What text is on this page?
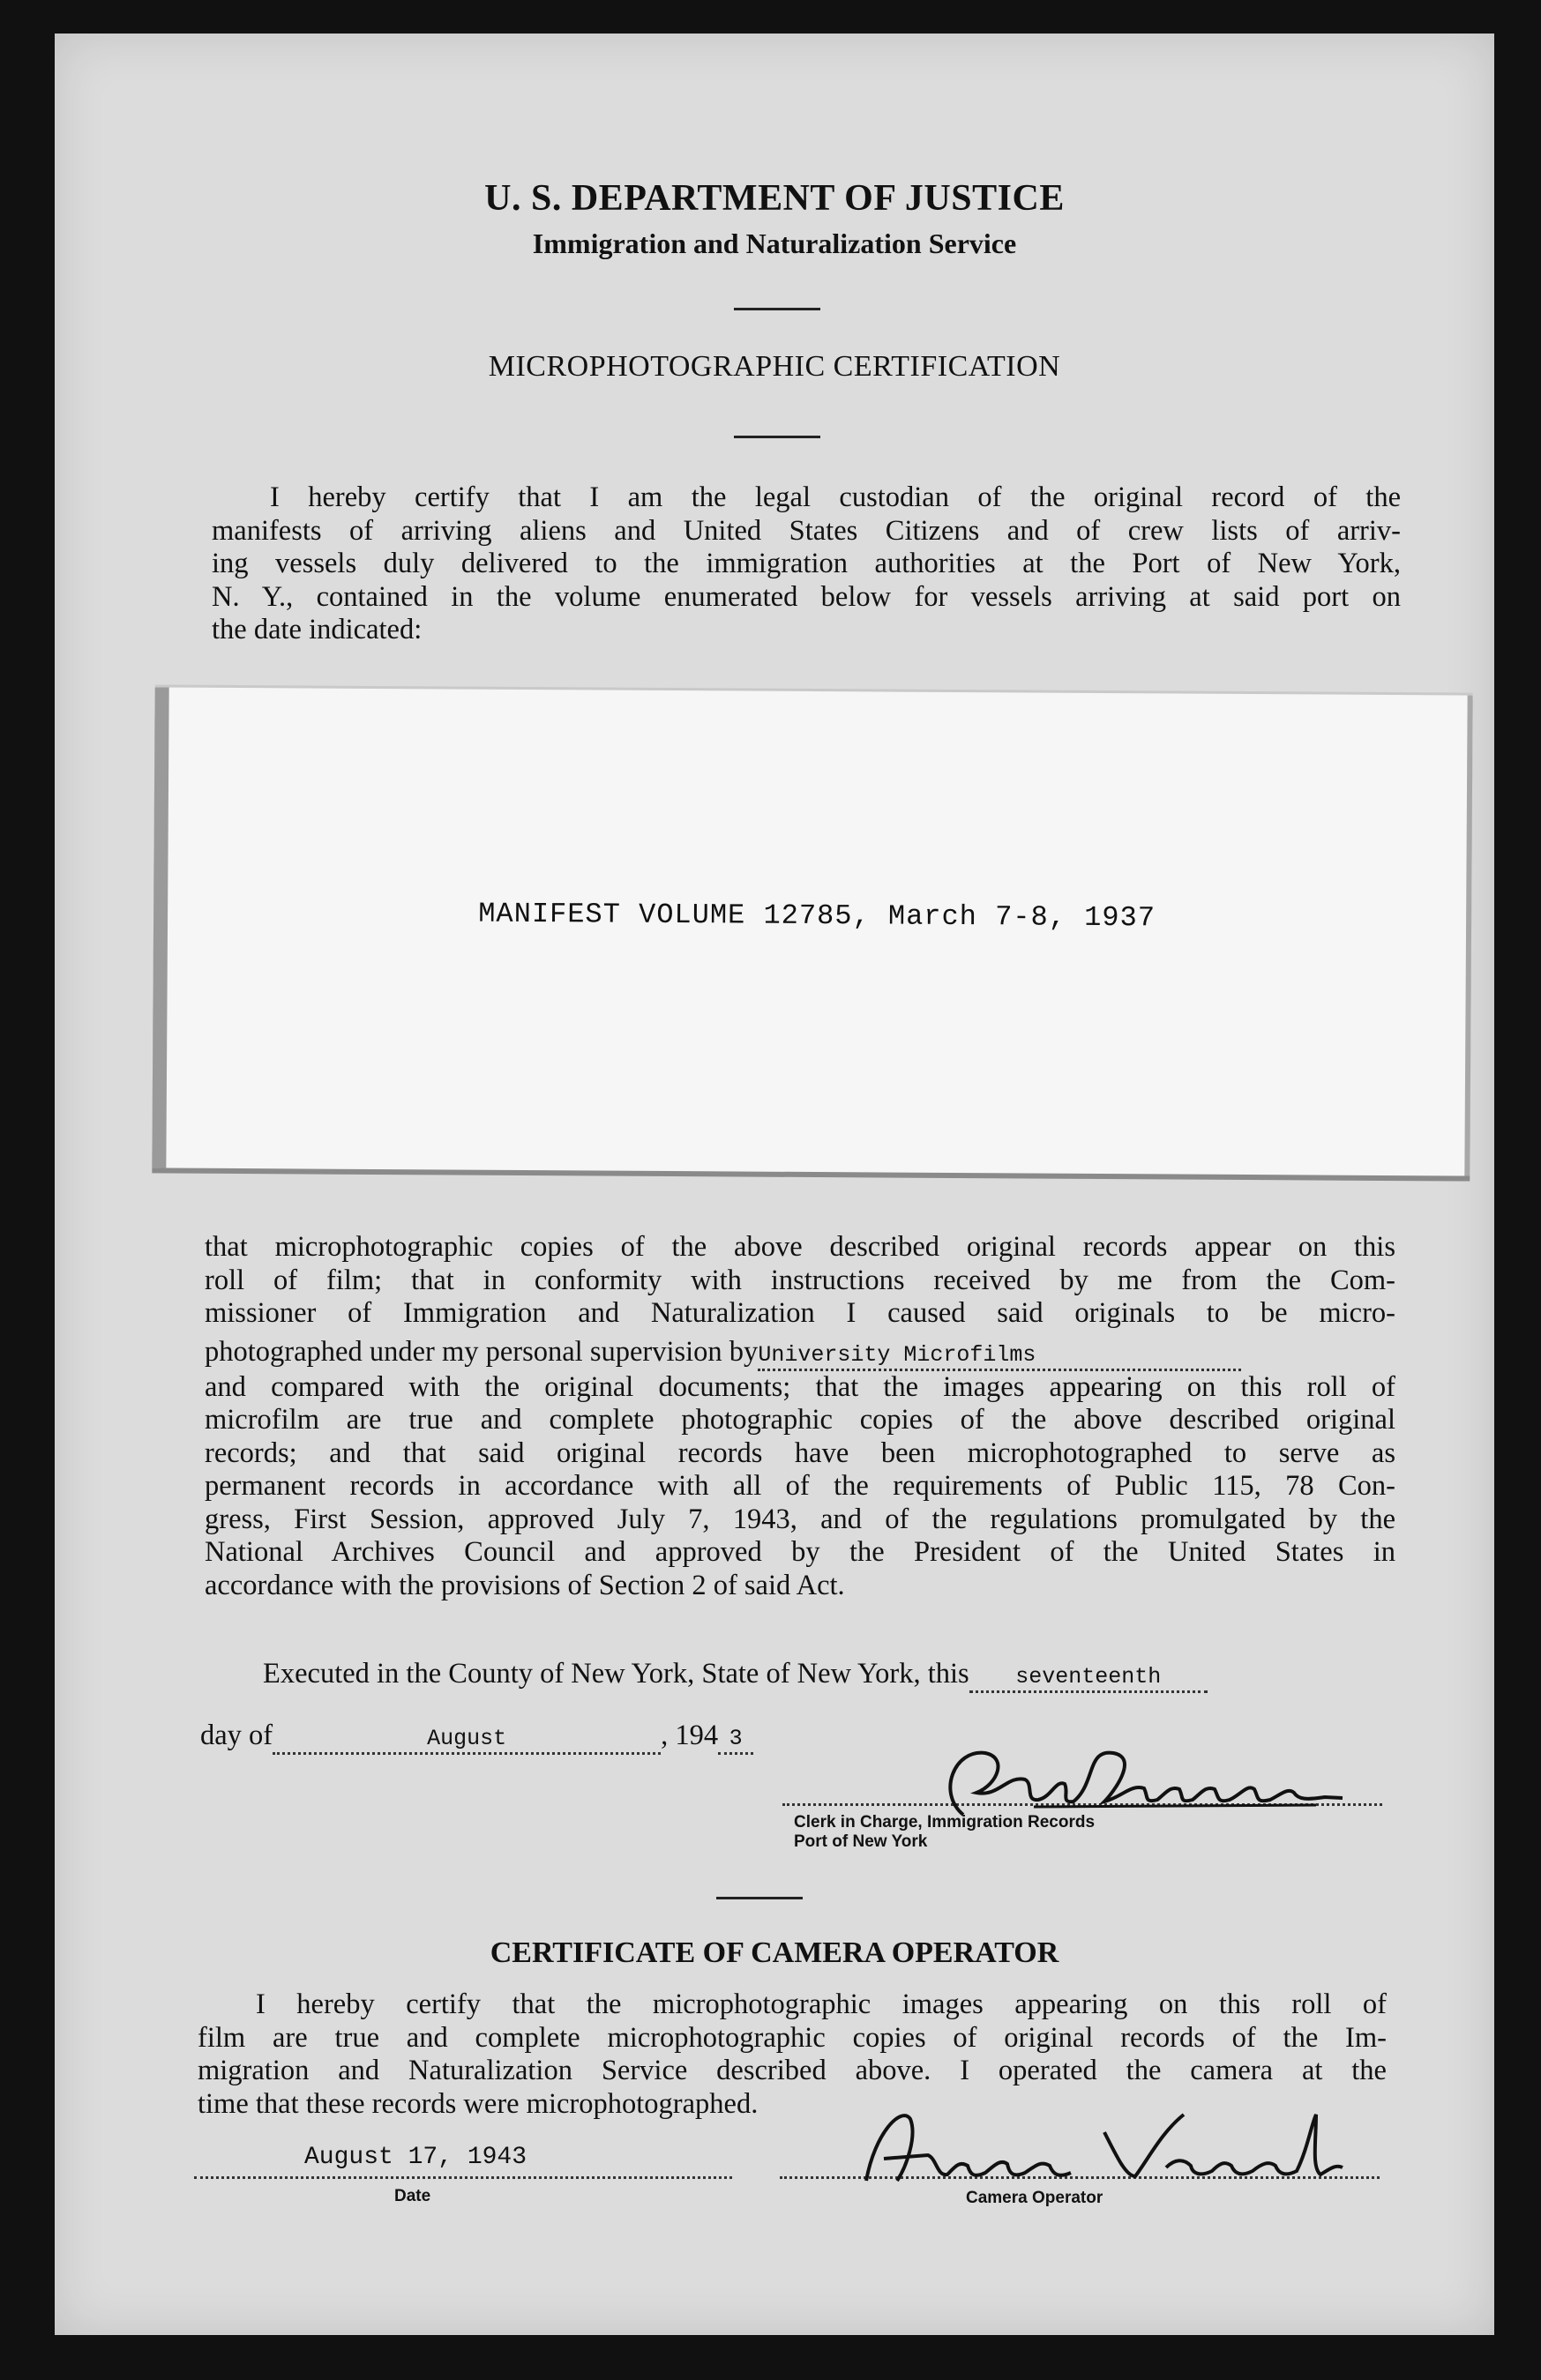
U. S. DEPARTMENT OF JUSTICE
Immigration and Naturalization Service
MICROPHOTOGRAPHIC CERTIFICATION
I hereby certify that I am the legal custodian of the original record of the
manifests of arriving aliens and United States Citizens and of crew lists of arriv-
ing vessels duly delivered to the immigration authorities at the Port of New York,
N. Y., contained in the volume enumerated below for vessels arriving at said port on
the date indicated:
MANIFEST VOLUME 12785, March 7-8, 1937
that microphotographic copies of the above described original records appear on this
roll of film; that in conformity with instructions received by me from the Com-
missioner of Immigration and Naturalization I caused said originals to be micro-
photographed under my personal supervision byUniversity Microfilms
and compared with the original documents; that the images appearing on this roll of
microfilm are true and complete photographic copies of the above described original
records; and that said original records have been microphotographed to serve as
permanent records in accordance with all of the requirements of Public 115, 78 Con-
gress, First Session, approved July 7, 1943, and of the regulations promulgated by the
National Archives Council and approved by the President of the United States in
accordance with the provisions of Section 2 of said Act.
Executed in the County of New York, State of New York, this seventeenth
day of	August	, 194 3
Clerk in Charge, Immigration Records
Port of New York
CERTIFICATE OF CAMERA OPERATOR
I hereby certify that the microphotographic images appearing on this roll of
film are true and complete microphotographic copies of original records of the Im-
migration and Naturalization Service described above. I operated the camera at the
time that these records were microphotographed.
August 17, 1943
Date	Camera Operator
